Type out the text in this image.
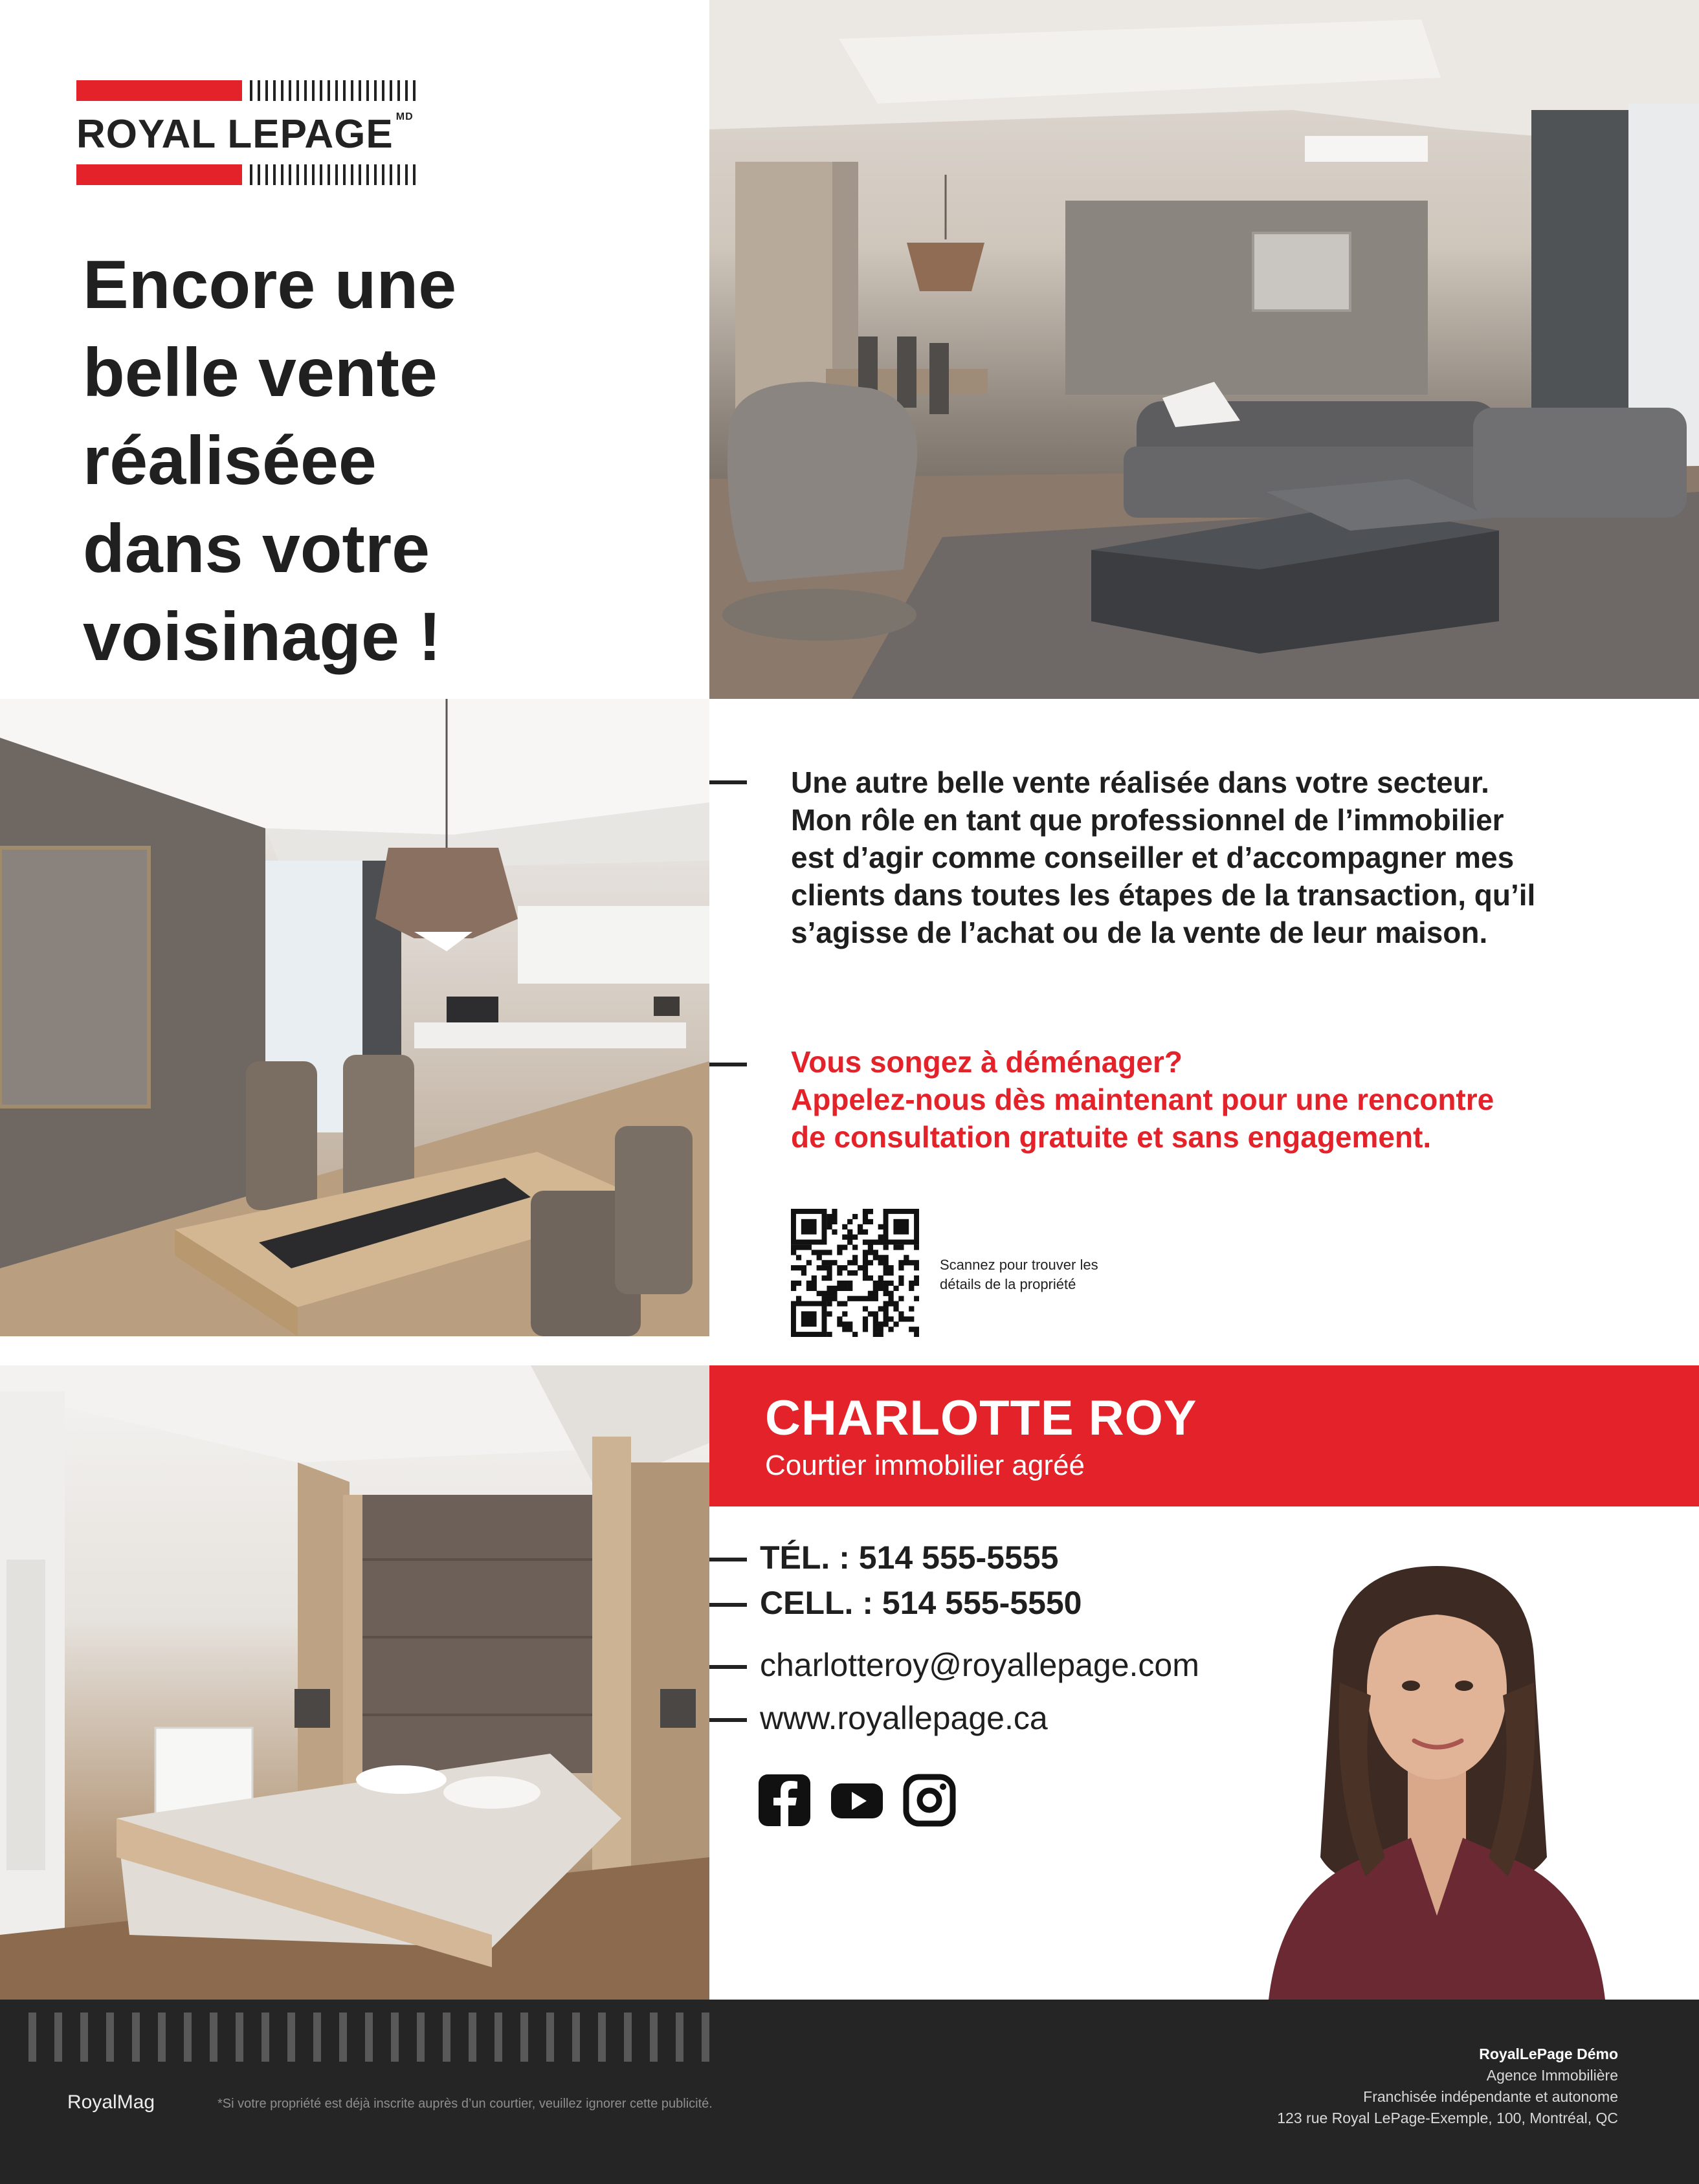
ROYAL LEPAGE $^{MD}$
Encore une
belle vente
réaliséee
dans votre
voisinage !
Une autre belle vente réalisée dans votre secteur.
Mon rôle en tant que professionnel de l’immobilier
est d’agir comme conseiller et d’accompagner mes
clients dans toutes les étapes de la transaction, qu’il
s’agisse de l’achat ou de la vente de leur maison.
Vous songez à déménager?
Appelez-nous dès maintenant pour une rencontre
de consultation gratuite et sans engagement.
Scannez pour trouver les
détails de la propriété
CHARLOTTE ROY
Courtier immobilier agréé
TÉL. : 514 555-5555
CELL. : 514 555-5550
charlotteroy@royallepage.com
www.royallepage.ca
RoyalMag	*Si votre propriété est déjà inscrite auprès d’un courtier, veuillez ignorer cette publicité.
RoyalLePage Démo
Agence Immobilière
Franchisée indépendante et autonome
123 rue Royal LePage-Exemple, 100, Montréal, QC
